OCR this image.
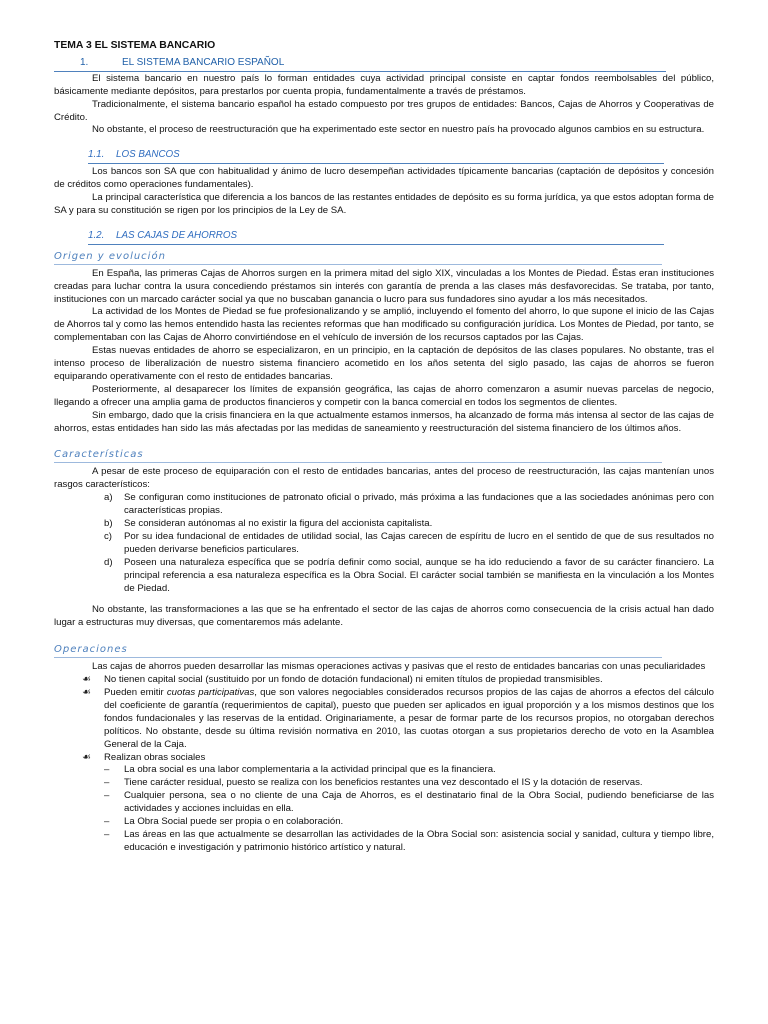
TEMA 3 EL SISTEMA BANCARIO
1.	EL SISTEMA BANCARIO ESPAÑOL

El sistema bancario en nuestro país lo forman entidades cuya actividad principal consiste en captar fondos reembolsables del público, básicamente mediante depósitos, para prestarlos por cuenta propia, fundamentalmente a través de préstamos.

Tradicionalmente, el sistema bancario español ha estado compuesto por tres grupos de entidades: Bancos, Cajas de Ahorros y Cooperativas de Crédito.

No obstante, el proceso de reestructuración que ha experimentado este sector en nuestro país ha provocado algunos cambios en su estructura.

1.1. LOS BANCOS

Los bancos son SA que con habitualidad y ánimo de lucro desempeñan actividades típicamente bancarias (captación de depósitos y concesión de créditos como operaciones fundamentales).

La principal característica que diferencia a los bancos de las restantes entidades de depósito es su forma jurídica, ya que estos adoptan forma de SA y para su constitución se rigen por los principios de la Ley de SA.

1.2. LAS CAJAS DE AHORROS
Origen y evolución

En España, las primeras Cajas de Ahorros surgen en la primera mitad del siglo XIX, vinculadas a los Montes de Piedad. Éstas eran instituciones creadas para luchar contra la usura concediendo préstamos sin interés con garantía de prenda a las clases más desfavorecidas. Se trataba, por tanto, instituciones con un marcado carácter social ya que no buscaban ganancia o lucro para sus fundadores sino ayudar a los más necesitados.

La actividad de los Montes de Piedad se fue profesionalizando y se amplió, incluyendo el fomento del ahorro, lo que supone el inicio de las Cajas de Ahorros tal y como las hemos entendido hasta las recientes reformas que han modificado su configuración jurídica. Los Montes de Piedad, por tanto, se complementaban con las Cajas de Ahorro convirtiéndose en el vehículo de inversión de los recursos captados por las Cajas.

Estas nuevas entidades de ahorro se especializaron, en un principio, en la captación de depósitos de las clases populares. No obstante, tras el intenso proceso de liberalización de nuestro sistema financiero acometido en los años setenta del siglo pasado, las cajas de ahorros se fueron equiparando operativamente con el resto de entidades bancarias.

Posteriormente, al desaparecer los límites de expansión geográfica, las cajas de ahorro comenzaron a asumir nuevas parcelas de negocio, llegando a ofrecer una amplia gama de productos financieros y competir con la banca comercial en todos los segmentos de clientes.

Sin embargo, dado que la crisis financiera en la que actualmente estamos inmersos, ha alcanzado de forma más intensa al sector de las cajas de ahorros, estas entidades han sido las más afectadas por las medidas de saneamiento y reestructuración del sistema financiero de los últimos años.

Características

A pesar de este proceso de equiparación con el resto de entidades bancarias, antes del proceso de reestructuración, las cajas mantenían unos rasgos característicos:

a) Se configuran como instituciones de patronato oficial o privado, más próxima a las fundaciones que a las sociedades anónimas pero con características propias.
b) Se consideran autónomas al no existir la figura del accionista capitalista.
c) Por su idea fundacional de entidades de utilidad social, las Cajas carecen de espíritu de lucro en el sentido de que de sus resultados no pueden derivarse beneficios particulares.
d) Poseen una naturaleza específica que se podría definir como social, aunque se ha ido reduciendo a favor de su carácter financiero. La principal referencia a esa naturaleza específica es la Obra Social. El carácter social también se manifiesta en la vinculación a los Montes de Piedad.

No obstante, las transformaciones a las que se ha enfrentado el sector de las cajas de ahorros como consecuencia de la crisis actual han dado lugar a estructuras muy diversas, que comentaremos más adelante.

Operaciones

Las cajas de ahorros pueden desarrollar las mismas operaciones activas y pasivas que el resto de entidades bancarias con unas peculiaridades

☙ No tienen capital social (sustituido por un fondo de dotación fundacional) ni emiten títulos de propiedad transmisibles.
☙ Pueden emitir cuotas participativas, que son valores negociables considerados recursos propios de las cajas de ahorros a efectos del cálculo del coeficiente de garantía (requerimientos de capital), puesto que pueden ser aplicados en igual proporción y a los mismos destinos que los fondos fundacionales y las reservas de la entidad. Originariamente, a pesar de formar parte de los recursos propios, no otorgaban derechos políticos. No obstante, desde su última revisión normativa en 2010, las cuotas otorgan a sus propietarios derecho de voto en la Asamblea General de la Caja.
☙ Realizan obras sociales
– La obra social es una labor complementaria a la actividad principal que es la financiera.
– Tiene carácter residual, puesto se realiza con los beneficios restantes una vez descontado el IS y la dotación de reservas.
– Cualquier persona, sea o no cliente de una Caja de Ahorros, es el destinatario final de la Obra Social, pudiendo beneficiarse de las actividades y acciones incluidas en ella.
– La Obra Social puede ser propia o en colaboración.
– Las áreas en las que actualmente se desarrollan las actividades de la Obra Social son: asistencia social y sanidad, cultura y tiempo libre, educación e investigación y patrimonio histórico artístico y natural.
